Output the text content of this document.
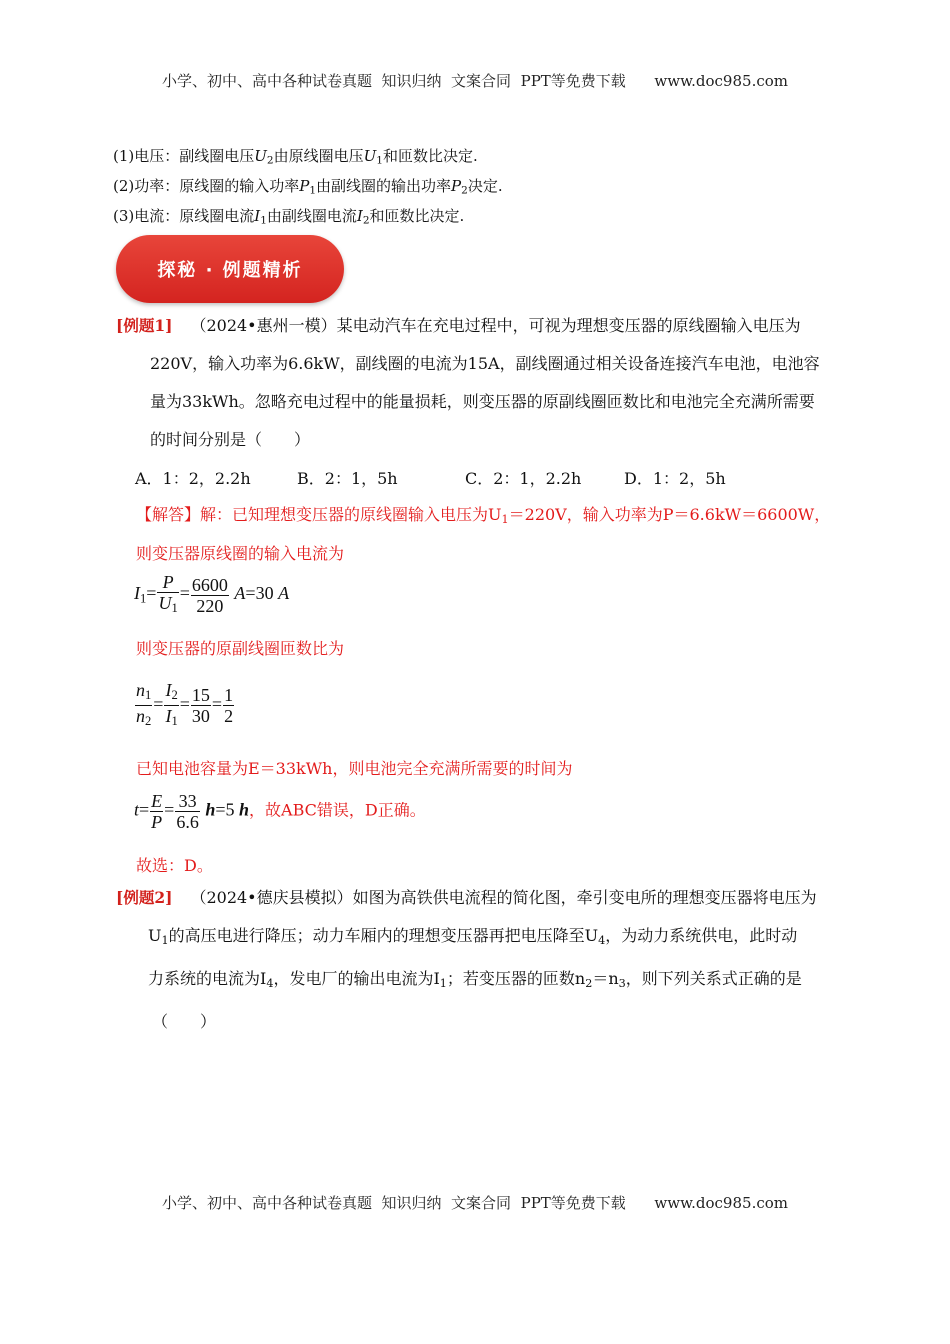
小学、初中、高中各种试卷真题  知识归纳  文案合同  PPT等免费下载      www.doc985.com
(1)电压：副线圈电压$U_2$由原线圈电压$U_1$和匝数比决定.
(2)功率：原线圈的输入功率$P_1$由副线圈的输出功率$P_2$决定.
(3)电流：原线圈电流$I_1$由副线圈电流$I_2$和匝数比决定.
探秘 · 例题精析
[例题1] （2024•惠州一模）某电动汽车在充电过程中，可视为理想变压器的原线圈输入电压为
220V，输入功率为6.6kW，副线圈的电流为15A，副线圈通过相关设备连接汽车电池，电池容
量为33kWh。忽略充电过程中的能量损耗，则变压器的原副线圈匝数比和电池完全充满所需要
的时间分别是（　　）
A．1：2，2.2h	B．2：1，5h	C．2：1，2.2h	D．1：2，5h
【解答】解：已知理想变压器的原线圈输入电压为$U_1=220V$，输入功率为P＝6.6kW＝6600W，
则变压器原线圈的输入电流为
$I_1= \frac{P}{U_1} = \frac{6600}{220} A=30$ A
则变压器的原副线圈匝数比为
$\frac{n_1}{n_2} = \frac{I_2}{I_1} = \frac{15}{30} = \frac{1}{2}$
已知电池容量为E＝33kWh，则电池完全充满所需要的时间为
$t= \frac{E}{P} = \frac{33}{6.6} h=5$ h，故ABC错误，D正确。
故选：D。
[例题2] （2024•德庆县模拟）如图为高铁供电流程的简化图，牵引变电所的理想变压器将电压为
$U_1$的高压电进行降压；动力车厢内的理想变压器再把电压降至$U_4$，为动力系统供电，此时动
力系统的电流为$I_4$，发电厂的输出电流为$I_1$；若变压器的匝数$n_2=n_3$，则下列关系式正确的是
（　　）
小学、初中、高中各种试卷真题  知识归纳  文案合同  PPT等免费下载      www.doc985.com
